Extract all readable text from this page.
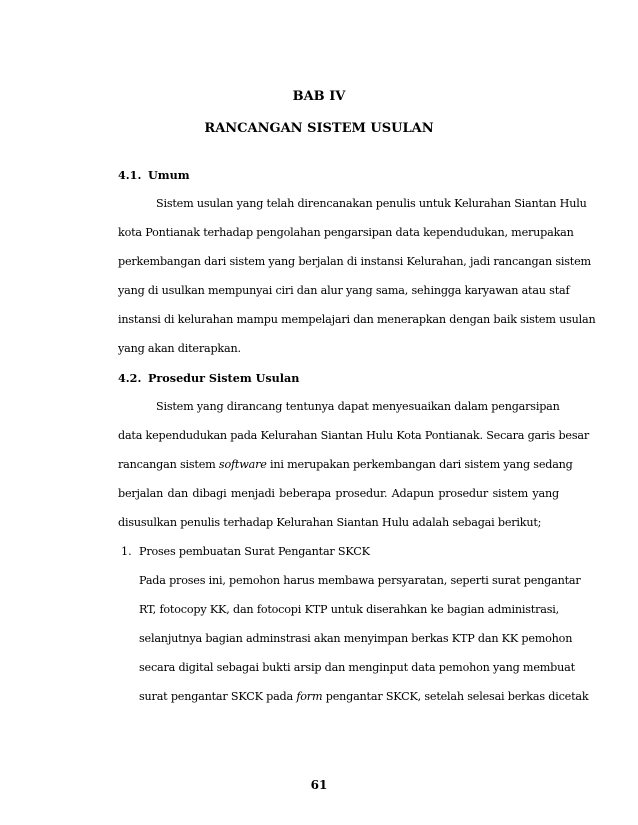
BAB IV
RANCANGAN SISTEM USULAN
4.1. Umum
Sistem usulan yang telah direncanakan penulis untuk Kelurahan Siantan Hulu
kota Pontianak terhadap pengolahan pengarsipan data kependudukan, merupakan
perkembangan dari sistem yang berjalan di instansi Kelurahan, jadi rancangan sistem
yang di usulkan mempunyai ciri dan alur yang sama, sehingga karyawan atau staf
instansi di kelurahan mampu mempelajari dan menerapkan dengan baik sistem usulan
yang akan diterapkan.
4.2. Prosedur Sistem Usulan
Sistem yang dirancang tentunya dapat menyesuaikan dalam pengarsipan
data kependudukan pada Kelurahan Siantan Hulu Kota Pontianak. Secara garis besar
rancangan sistem software ini merupakan perkembangan dari sistem yang sedang
berjalan dan dibagi menjadi beberapa prosedur. Adapun prosedur sistem yang
disusulkan penulis terhadap Kelurahan Siantan Hulu adalah sebagai berikut;
1. Proses pembuatan Surat Pengantar SKCK
Pada proses ini, pemohon harus membawa persyaratan, seperti surat pengantar
RT, fotocopy KK, dan fotocopi KTP untuk diserahkan ke bagian administrasi,
selanjutnya bagian adminstrasi akan menyimpan berkas KTP dan KK pemohon
secara digital sebagai bukti arsip dan menginput data pemohon yang membuat
surat pengantar SKCK pada form pengantar SKCK, setelah selesai berkas dicetak
61
